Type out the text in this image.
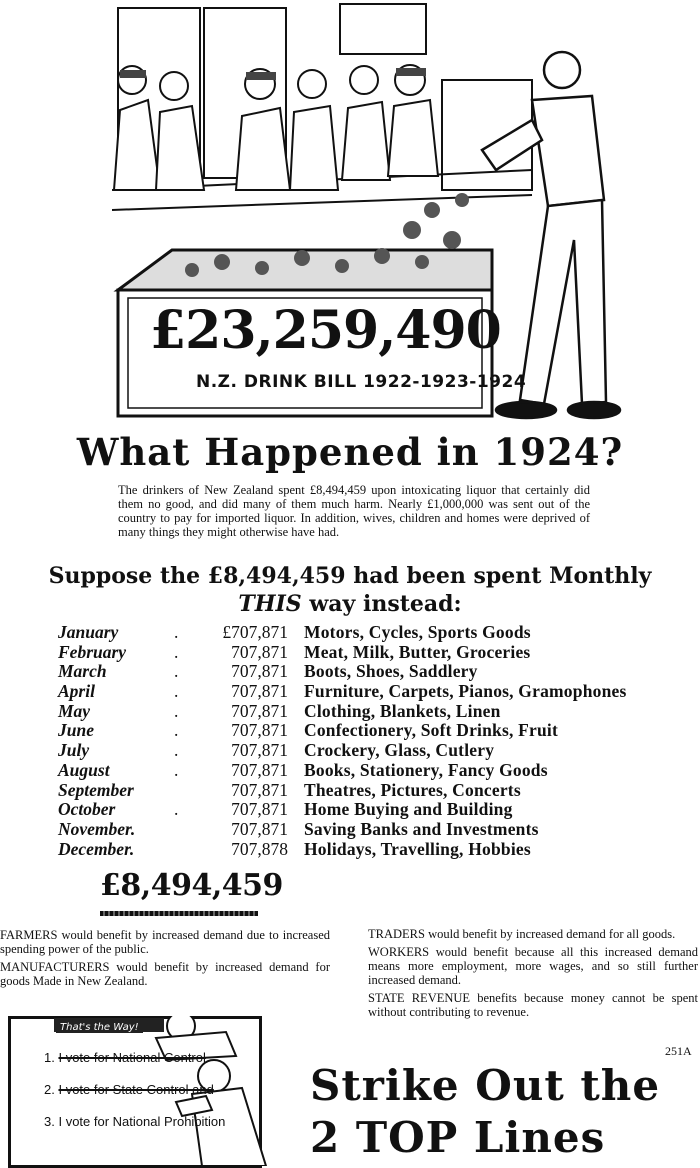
£23,259,490
N.Z. DRINK BILL 1922-1923-1924
What Happened in 1924?
The drinkers of New Zealand spent £8,494,459 upon intoxicating liquor that certainly did them no good, and did many of them much harm. Nearly £1,000,000 was sent out of the country to pay for imported liquor. In addition, wives, children and homes were deprived of many things they might otherwise have had.
Suppose the £8,494,459 had been spent Monthly
THIS way instead:
January	.	£707,871 Motors, Cycles, Sports Goods
February	.	707,871 Meat, Milk, Butter, Groceries
March	.	707,871 Boots, Shoes, Saddlery
April	.	707,871 Furniture, Carpets, Pianos, Gramophones
May	.	707,871 Clothing, Blankets, Linen
June	.	707,871 Confectionery, Soft Drinks, Fruit
July	.	707,871 Crockery, Glass, Cutlery
August	.	707,871 Books, Stationery, Fancy Goods
September	707,871 Theatres, Pictures, Concerts
October	.	707,871 Home Buying and Building
November.	707,871 Saving Banks and Investments
December.	707,878 Holidays, Travelling, Hobbies
£8,494,459

FARMERS would benefit by increased demand due to increased spending power of the public.

MANUFACTURERS would benefit by increased demand for goods Made in New Zealand.

TRADERS would benefit by increased demand for all goods.

WORKERS would benefit because all this increased demand means more employment, more wages, and so still further increased demand.

STATE REVENUE benefits because money cannot be spent without contributing to revenue.

251A
That's the Way!
1. I vote for National Control
2. I vote for State Control and
3. I vote for National Prohibition
Strike Out the
2 TOP Lines
